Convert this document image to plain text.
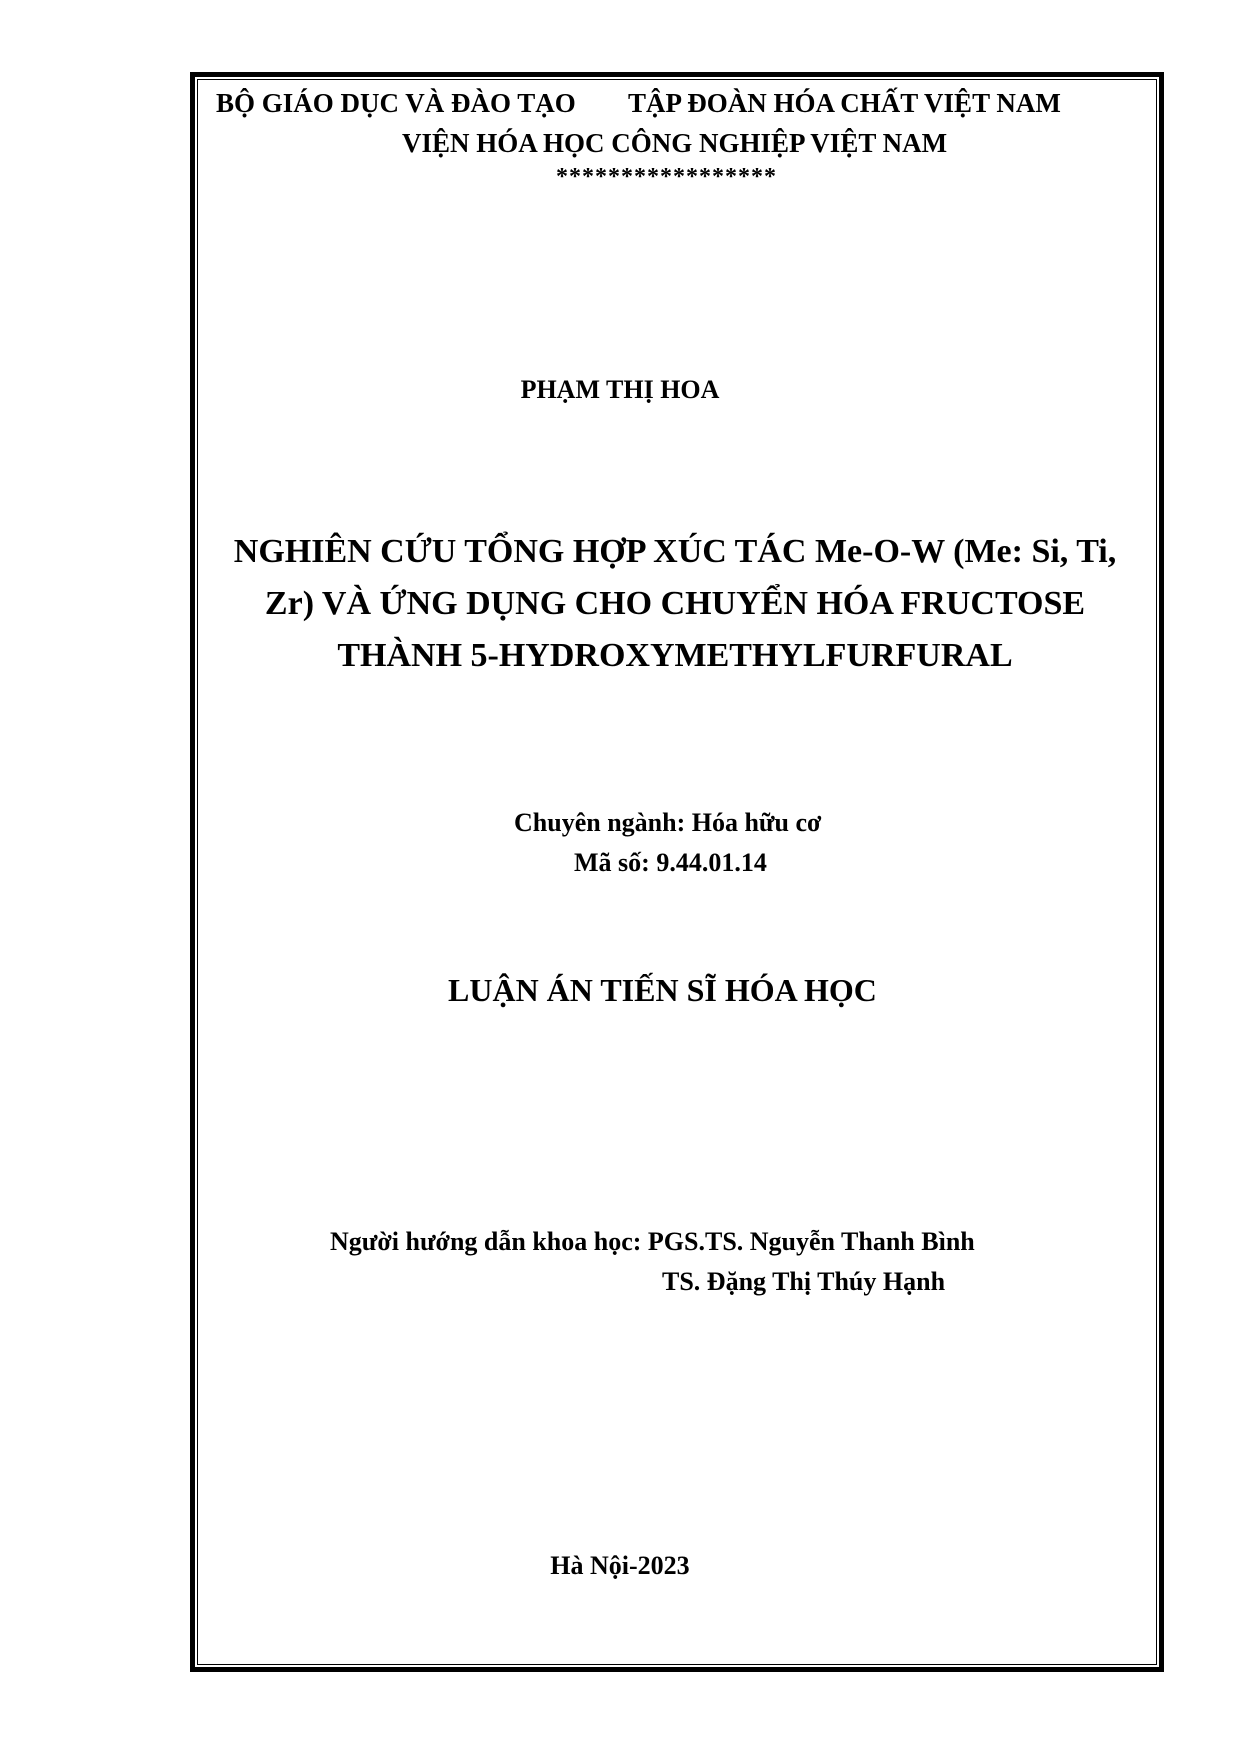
BỘ GIÁO DỤC VÀ ĐÀO TẠO TẬP ĐOÀN HÓA CHẤT VIỆT NAM
VIỆN HÓA HỌC CÔNG NGHIỆP VIỆT NAM
*****************
PHẠM THỊ HOA
NGHIÊN CỨU TỔNG HỢP XÚC TÁC Me-O-W (Me: Si, Ti,
Zr) VÀ ỨNG DỤNG CHO CHUYỂN HÓA FRUCTOSE
THÀNH 5-HYDROXYMETHYLFURFURAL
Chuyên ngành: Hóa hữu cơ
Mã số: 9.44.01.14
LUẬN ÁN TIẾN SĨ HÓA HỌC
Người hướng dẫn khoa học: PGS.TS. Nguyễn Thanh Bình
TS. Đặng Thị Thúy Hạnh
Hà Nội-2023
